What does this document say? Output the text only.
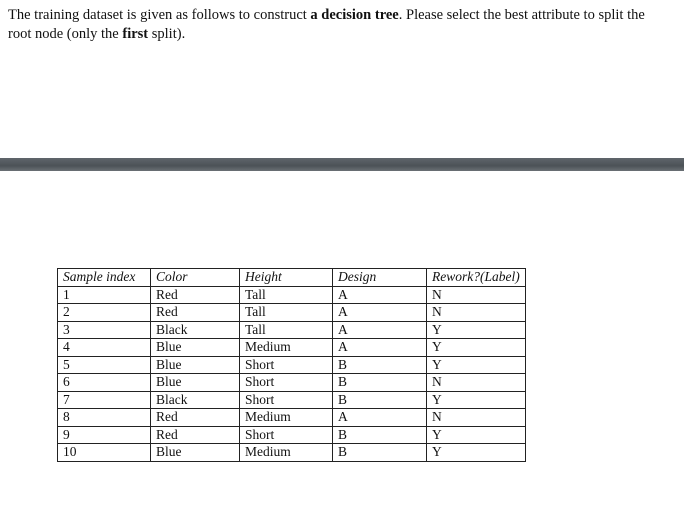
The training dataset is given as follows to construct a decision tree. Please select the best attribute to split the root node (only the first split).
Sample index	Color	Height	Design	Rework?(Label)
1	Red	Tall	A	N
2	Red	Tall	A	N
3	Black	Tall	A	Y
4	Blue	Medium	A	Y
5	Blue	Short	B	Y
6	Blue	Short	B	N
7	Black	Short	B	Y
8	Red	Medium	A	N
9	Red	Short	B	Y
10	Blue	Medium	B	Y
